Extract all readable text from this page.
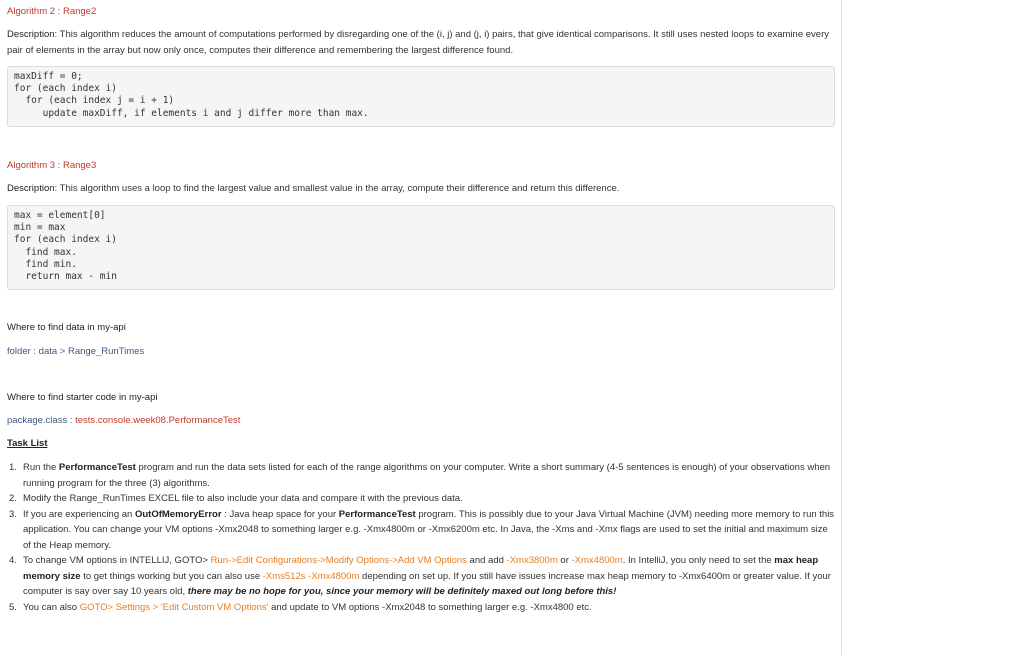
Algorithm 2 : Range2
Description: This algorithm reduces the amount of computations performed by disregarding one of the (i, j) and (j, i) pairs, that give identical comparisons. It still uses nested loops to examine every pair of elements in the array but now only once, computes their difference and remembering the largest difference found.
maxDiff = 0;
for (each index i)
for (each index j = i + 1)
update maxDiff, if elements i and j differ more than max.
Algorithm 3 : Range3
Description: This algorithm uses a loop to find the largest value and smallest value in the array, compute their difference and return this difference.
max = element[0]
min = max
for (each index i)
find max.
find min.
return max - min
Where to find data in my-api
folder : data > Range_RunTimes
Where to find starter code in my-api
package.class : tests.console.week08.PerformanceTest
Task List
1. Run the PerformanceTest program and run the data sets listed for each of the range algorithms on your computer. Write a short summary (4-5 sentences is enough) of your observations when running program for the three (3) algorithms.
2. Modify the Range_RunTimes EXCEL file to also include your data and compare it with the previous data.
3. If you are experiencing an OutOfMemoryError : Java heap space for your PerformanceTest program. This is possibly due to your Java Virtual Machine (JVM) needing more memory to run this application. You can change your VM options -Xmx2048 to something larger e.g. -Xmx4800m or -Xmx6200m etc. In Java, the -Xms and -Xmx flags are used to set the initial and maximum size of the Heap memory.
4. To change VM options in INTELLIJ, GOTO> Run->Edit Configurations->Modify Options->Add VM Options and add -Xmx3800m or -Xmx4800m. In IntelliJ, you only need to set the max heap memory size to get things working but you can also use -Xms512s -Xmx4800m depending on set up. If you still have issues increase max heap memory to -Xmx6400m or greater value. If your computer is say over say 10 years old, there may be no hope for you, since your memory will be definitely maxed out long before this!
5. You can also GOTO> Settings > 'Edit Custom VM Options' and update to VM options -Xmx2048 to something larger e.g. -Xmx4800 etc.
